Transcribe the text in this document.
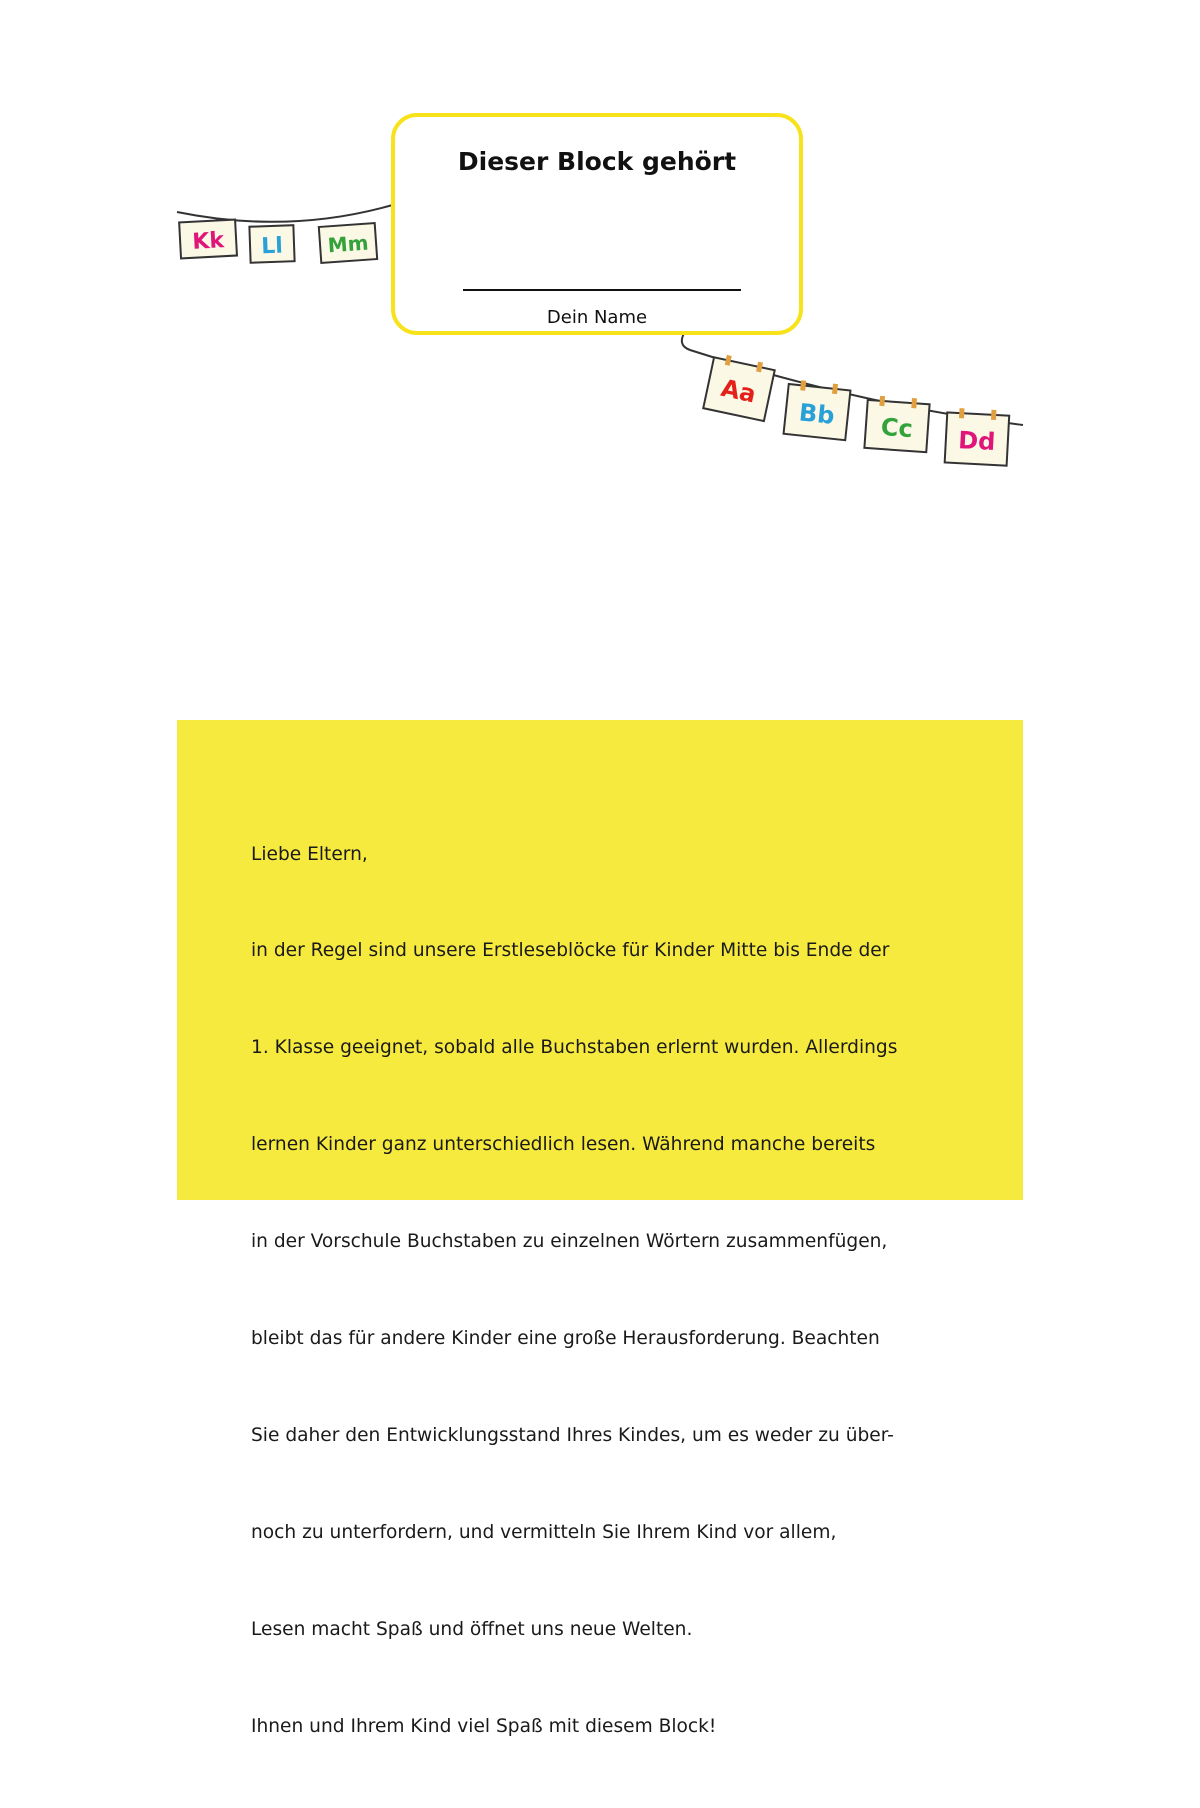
Kk Ll Mm
Aa
Bb Cc Dd
Dieser Block gehört
Dein Name

Liebe Eltern,

in der Regel sind unsere Erstleseblöcke für Kinder Mitte bis Ende der

1. Klasse geeignet, sobald alle Buchstaben erlernt wurden. Allerdings

lernen Kinder ganz unterschiedlich lesen. Während manche bereits

in der Vorschule Buchstaben zu einzelnen Wörtern zusammenfügen,

bleibt das für andere Kinder eine große Herausforderung. Beachten

Sie daher den Entwicklungsstand Ihres Kindes, um es weder zu über-

noch zu unterfordern, und vermitteln Sie Ihrem Kind vor allem,

Lesen macht Spaß und öffnet uns neue Welten.

Ihnen und Ihrem Kind viel Spaß mit diesem Block!
